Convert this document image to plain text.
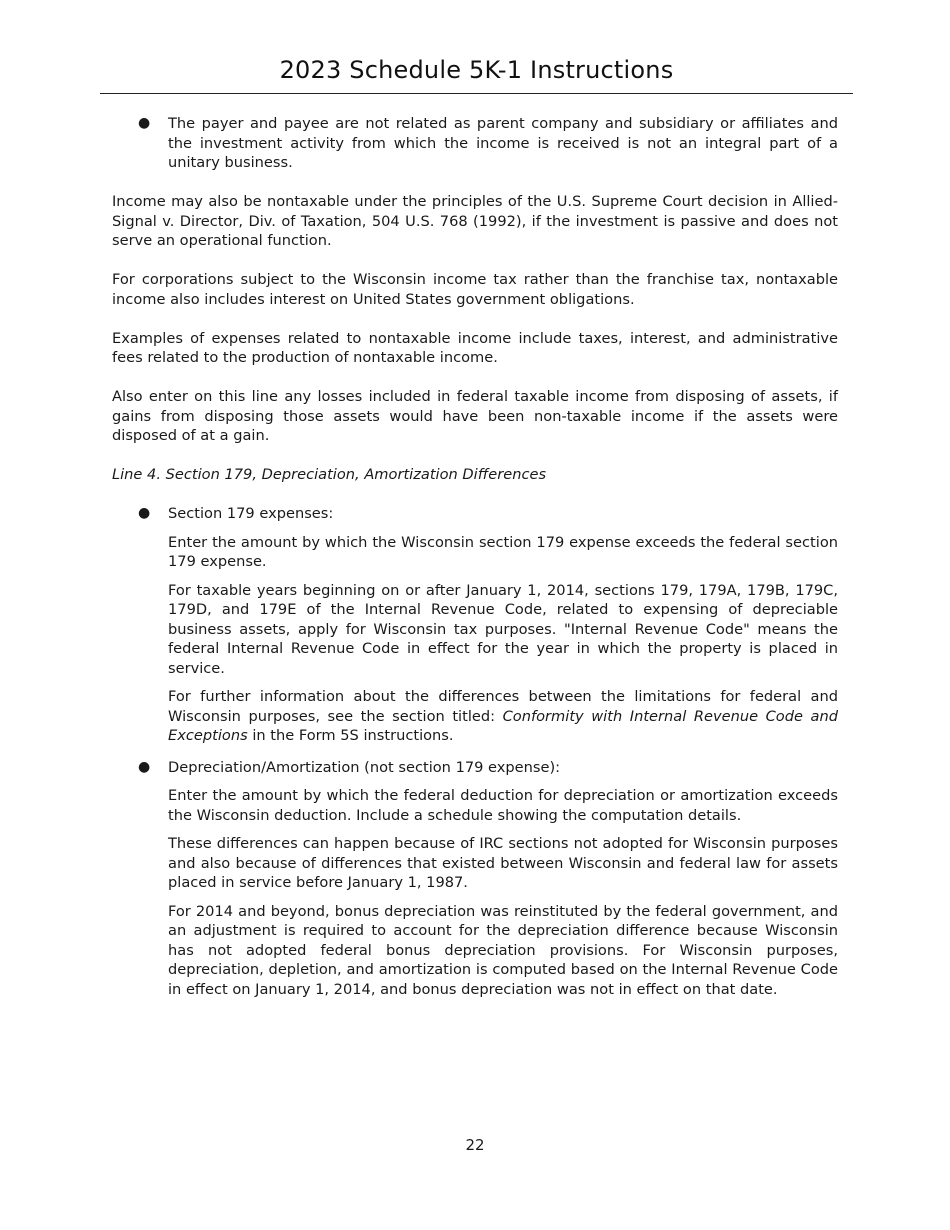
2023 Schedule 5K-1 Instructions
● The payer and payee are not related as parent company and subsidiary or affiliates and the investment activity from which the income is received is not an integral part of a unitary business.

Income may also be nontaxable under the principles of the U.S. Supreme Court decision in Allied-Signal v. Director, Div. of Taxation, 504 U.S. 768 (1992), if the investment is passive and does not serve an operational function.

For corporations subject to the Wisconsin income tax rather than the franchise tax, nontaxable income also includes interest on United States government obligations.

Examples of expenses related to nontaxable income include taxes, interest, and administrative fees related to the production of nontaxable income.

Also enter on this line any losses included in federal taxable income from disposing of assets, if gains from disposing those assets would have been non-taxable income if the assets were disposed of at a gain.

Line 4. Section 179, Depreciation, Amortization Differences

● Section 179 expenses:

Enter the amount by which the Wisconsin section 179 expense exceeds the federal section 179 expense.

For taxable years beginning on or after January 1, 2014, sections 179, 179A, 179B, 179C, 179D, and 179E of the Internal Revenue Code, related to expensing of depreciable business assets, apply for Wisconsin tax purposes. "Internal Revenue Code" means the federal Internal Revenue Code in effect for the year in which the property is placed in service.

For further information about the differences between the limitations for federal and Wisconsin purposes, see the section titled: Conformity with Internal Revenue Code and Exceptions in the Form 5S instructions.

● Depreciation/Amortization (not section 179 expense):

Enter the amount by which the federal deduction for depreciation or amortization exceeds the Wisconsin deduction. Include a schedule showing the computation details.

These differences can happen because of IRC sections not adopted for Wisconsin purposes and also because of differences that existed between Wisconsin and federal law for assets placed in service before January 1, 1987.

For 2014 and beyond, bonus depreciation was reinstituted by the federal government, and an adjustment is required to account for the depreciation difference because Wisconsin has not adopted federal bonus depreciation provisions. For Wisconsin purposes, depreciation, depletion, and amortization is computed based on the Internal Revenue Code in effect on January 1, 2014, and bonus depreciation was not in effect on that date.

22
